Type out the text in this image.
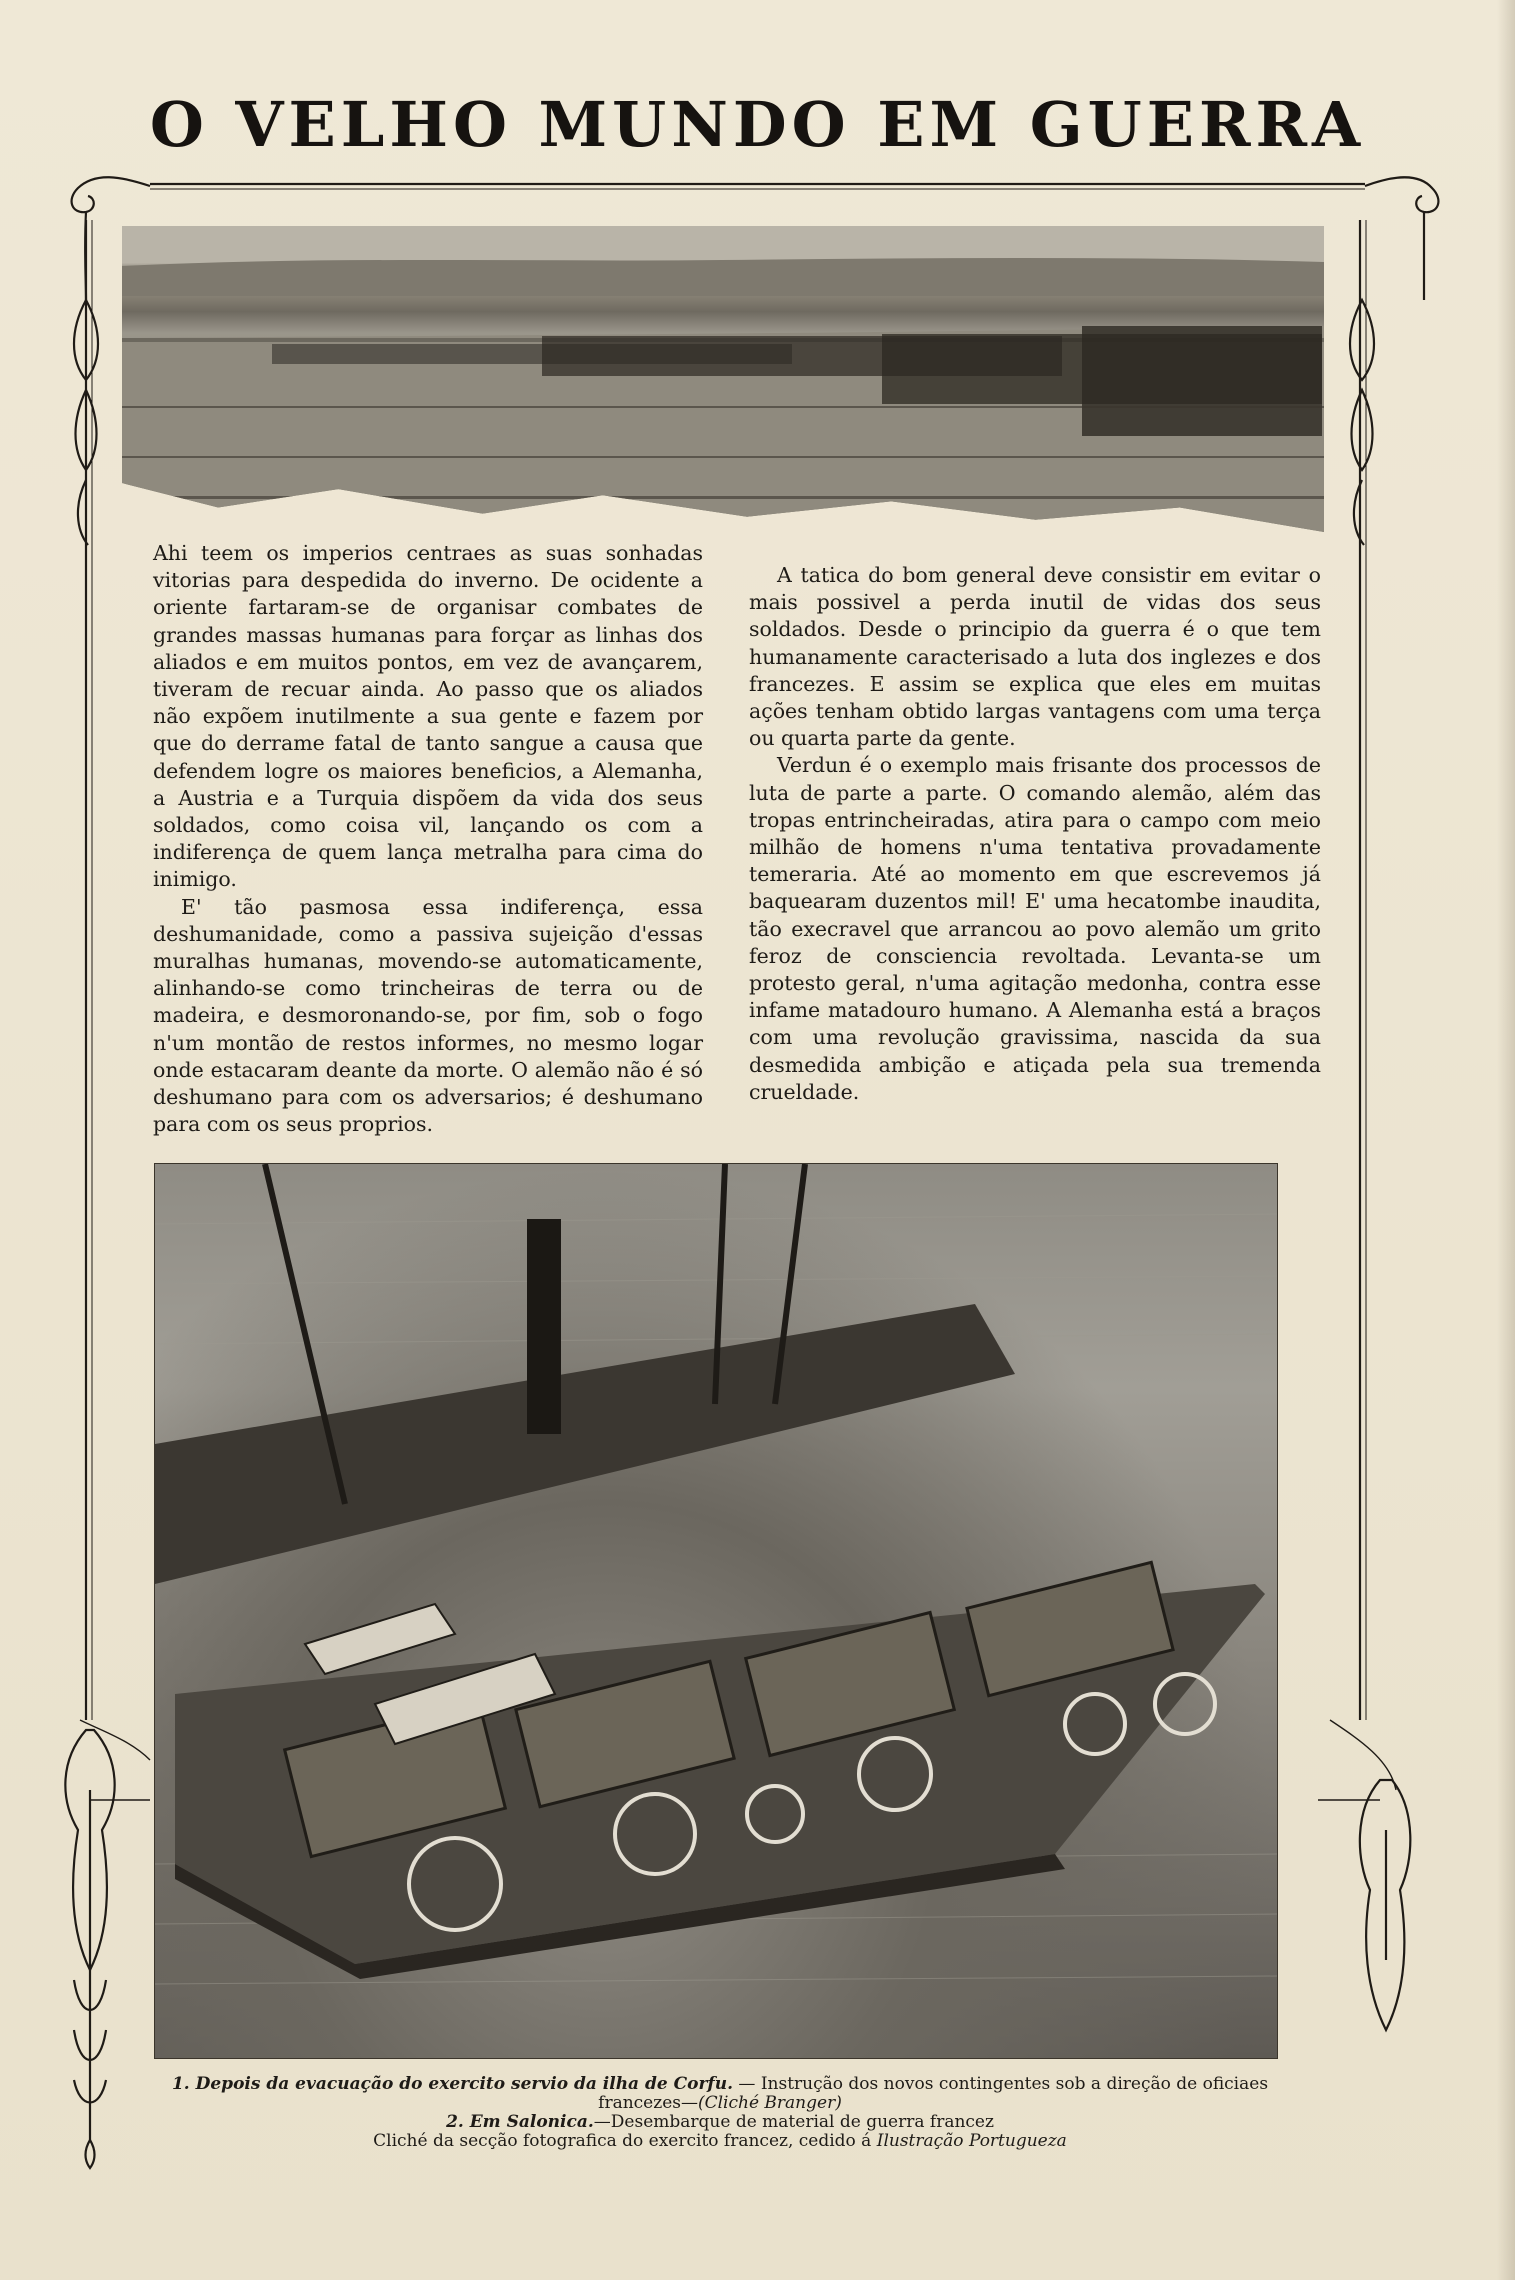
O VELHO MUNDO EM GUERRA

Ahi teem os imperios centraes as suas sonhadas vitorias para despedida do inverno. De ocidente a oriente fartaram-se de organisar combates de grandes massas humanas para forçar as linhas dos aliados e em muitos pontos, em vez de avançarem, tiveram de recuar ainda. Ao passo que os aliados não expõem inutilmente a sua gente e fazem por que do derrame fatal de tanto sangue a causa que defendem logre os maiores beneficios, a Alemanha, a Austria e a Turquia dispõem da vida dos seus soldados, como coisa vil, lançando os com a indiferença de quem lança metralha para cima do inimigo.

E' tão pasmosa essa indiferença, essa deshumanidade, como a passiva sujeição d'essas muralhas humanas, movendo-se automaticamente, alinhando-se como trincheiras de terra ou de madeira, e desmoronando-se, por fim, sob o fogo n'um montão de restos informes, no mesmo logar onde estacaram deante da morte. O alemão não é só deshumano para com os adversarios; é deshumano para com os seus proprios.

A tatica do bom general deve consistir em evitar o mais possivel a perda inutil de vidas dos seus soldados. Desde o principio da guerra é o que tem humanamente caracterisado a luta dos inglezes e dos francezes. E assim se explica que eles em muitas ações tenham obtido largas vantagens com uma terça ou quarta parte da gente.

Verdun é o exemplo mais frisante dos processos de luta de parte a parte. O comando alemão, além das tropas entrincheiradas, atira para o campo com meio milhão de homens n'uma tentativa provadamente temeraria. Até ao momento em que escrevemos já baquearam duzentos mil! E' uma hecatombe inaudita, tão execravel que arrancou ao povo alemão um grito feroz de consciencia revoltada. Levanta-se um protesto geral, n'uma agitação medonha, contra esse infame matadouro humano. A Alemanha está a braços com uma revolução gravissima, nascida da sua desmedida ambição e atiçada pela sua tremenda crueldade.

1. Depois da evacuação do exercito servio da ilha de Corfu. — Instrução dos novos contingentes sob a direção de oficiaes francezes—(Cliché Branger)
2. Em Salonica.—Desembarque de material de guerra francez
Cliché da secção fotografica do exercito francez, cedido á Ilustração Portugueza
